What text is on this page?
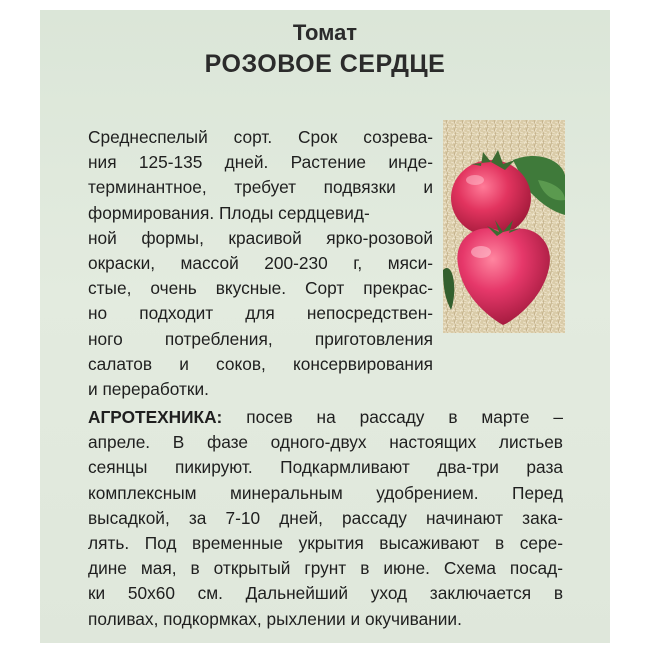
Томат
РОЗОВОЕ СЕРДЦЕ
Среднеспелый сорт. Срок созрева-
ния 125-135 дней. Растение инде-
терминантное, требует подвязки и
формирования. Плоды сердцевид-
ной формы, красивой ярко-розовой
окраски, массой 200-230 г, мяси-
стые, очень вкусные. Сорт прекрас-
но подходит для непосредствен-
ного потребления, приготовления
салатов и соков, консервирования
и переработки.
АГРОТЕХНИКА: посев на рассаду в марте –
апреле. В фазе одного-двух настоящих листьев
сеянцы пикируют. Подкармливают два-три раза
комплексным минеральным удобрением. Перед
высадкой, за 7-10 дней, рассаду начинают зака-
лять. Под временные укрытия высаживают в сере-
дине мая, в открытый грунт в июне. Схема посад-
ки 50х60 см. Дальнейший уход заключается в
поливах, подкормках, рыхлении и окучивании.
